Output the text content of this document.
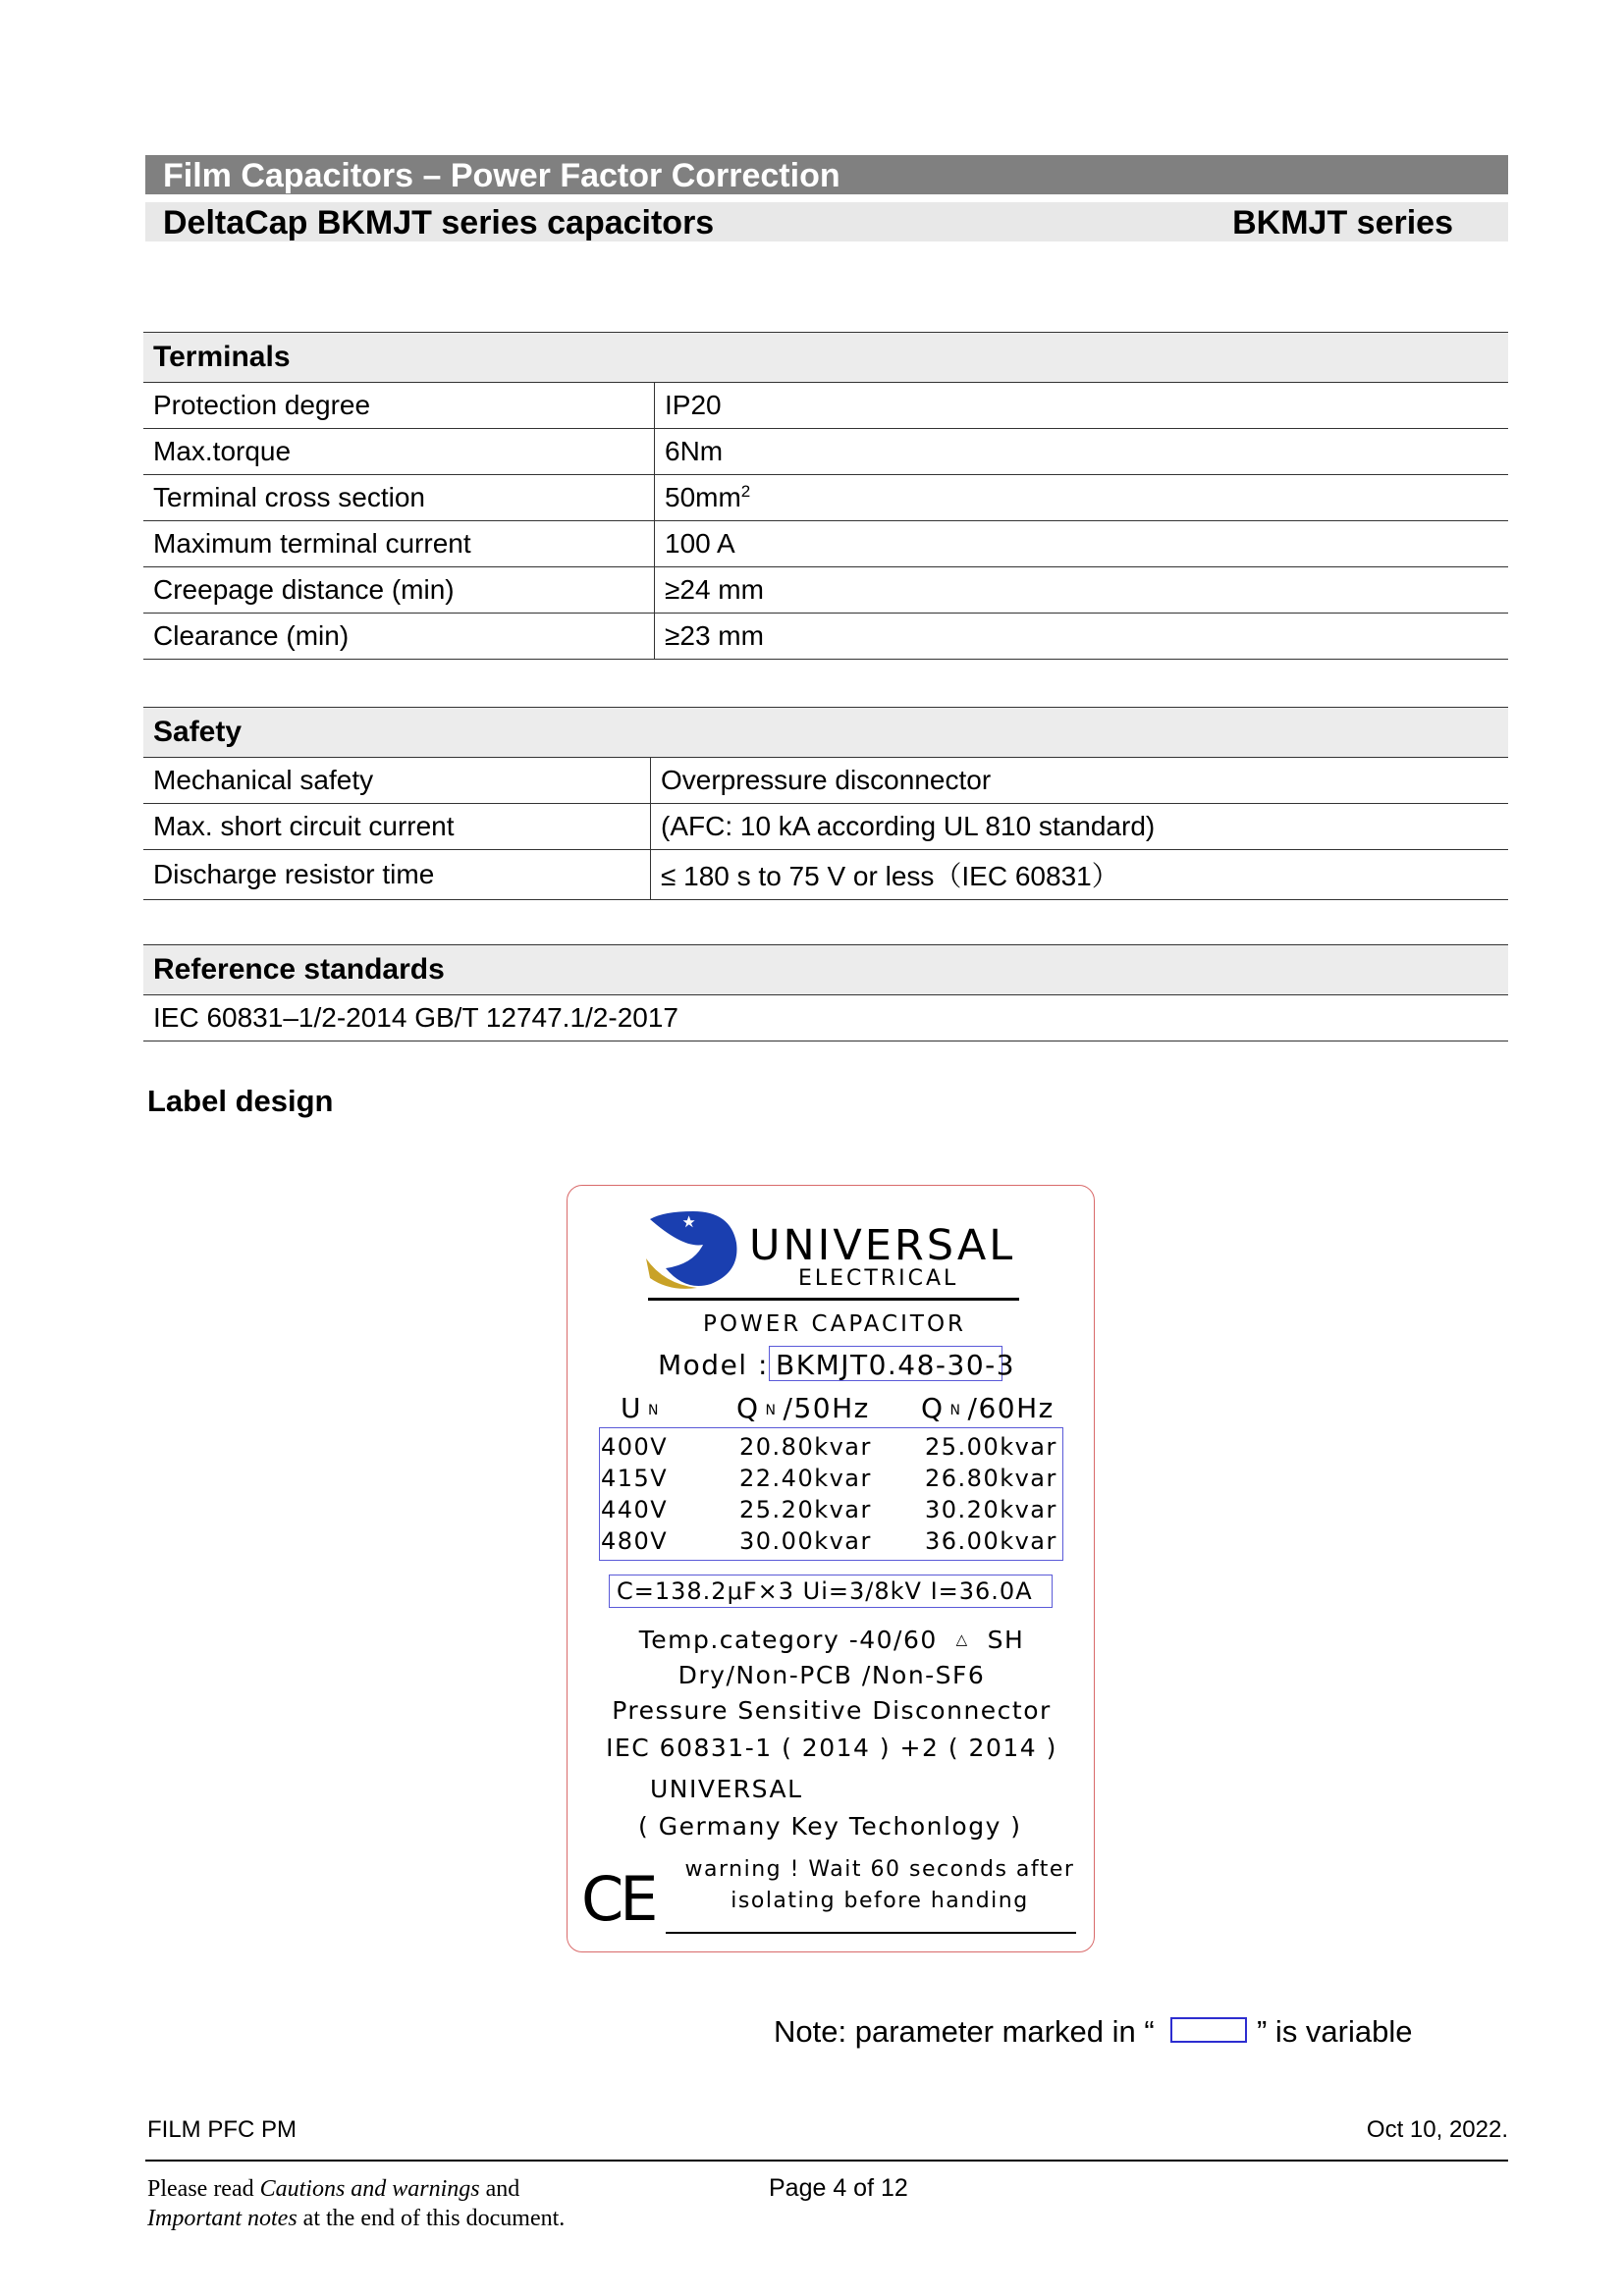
Film Capacitors – Power Factor Correction
DeltaCap BKMJT series capacitors	BKMJT series
Terminals	
Protection degree	IP20
Max.torque	6Nm
Terminal cross section	$50mm^2$
Maximum terminal current	100 A
Creepage distance (min)	≥24 mm
Clearance (min)	≥23 mm
Safety	
Mechanical safety	Overpressure disconnector
Max. short circuit current	(AFC: 10 kA according UL 810 standard)
Discharge resistor time	≤ 180 s to 75 V or less（IEC 60831）
Reference standards
IEC 60831–1/2-2014 GB/T 12747.1/2-2017
Label design
UNIVERSAL
ELECTRICAL
POWER CAPACITOR
Model : BKMJT0.48-30-3
U $^N$	Q $^N$ /50Hz Q $^N$ /60Hz
400V	20.80kvar 25.00kvar
415V	22.40kvar 26.80kvar
440V	25.20kvar 30.20kvar
480V	30.00kvar 36.00kvar
C=138.2μF×3 Ui=3/8kV I=36.0A
Temp.category -40/60 △ SH
Dry/Non-PCB /Non-SF6
Pressure Sensitive Disconnector
IEC 60831-1 ( 2014 ) +2 ( 2014 )
UNIVERSAL
( Germany Key Techonlogy )
CE warning ! Wait 60 seconds after
isolating before handing
Note: parameter marked in “	” is variable
FILM PFC PM	Oct 10, 2022.
Please read Cautions and warnings and
Important notes at the end of this document.
Page 4 of 12
